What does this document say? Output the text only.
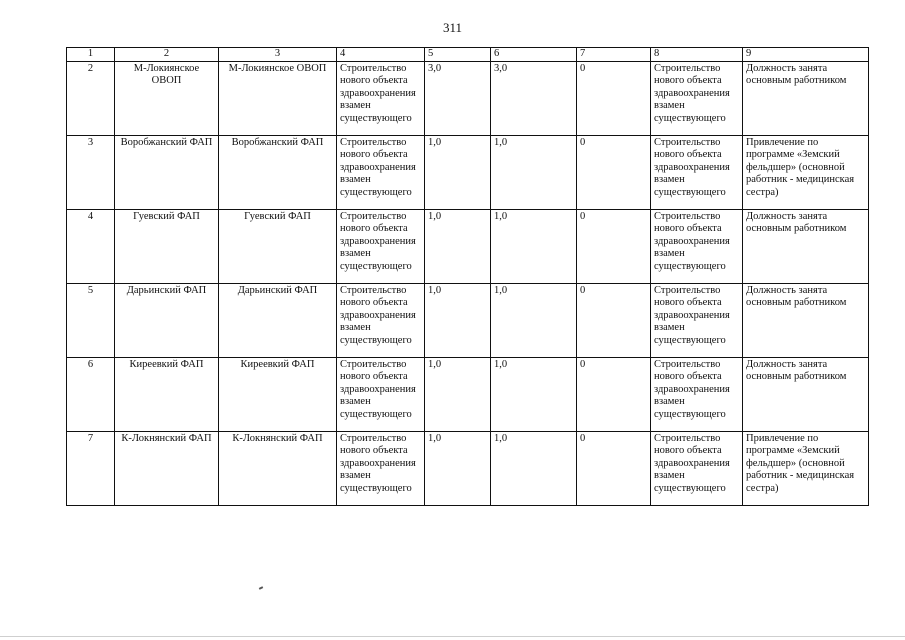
311
1	2	3	4	5	6	7	8	9
2	М-Локиянское ОВОП	М-Локиянское ОВОП	Строительство нового объекта здравоохранения взамен существующего	3,0	3,0	0	Строительство нового объекта здравоохранения взамен существующего	Должность занята основным работником
3	Воробжанский ФАП	Воробжанский ФАП	Строительство нового объекта здравоохранения взамен существующего	1,0	1,0	0	Строительство нового объекта здравоохранения взамен существующего	Привлечение по программе «Земский фельдшер» (основной работник - медицинская сестра)
4	Гуевский ФАП	Гуевский ФАП	Строительство нового объекта здравоохранения взамен существующего	1,0	1,0	0	Строительство нового объекта здравоохранения взамен существующего	Должность занята основным работником
5	Дарьинский ФАП	Дарьинский ФАП	Строительство нового объекта здравоохранения взамен существующего	1,0	1,0	0	Строительство нового объекта здравоохранения взамен существующего	Должность занята основным работником
6	Киреевкий ФАП	Киреевкий ФАП	Строительство нового объекта здравоохранения взамен существующего	1,0	1,0	0	Строительство нового объекта здравоохранения взамен существующего	Должность занята основным работником
7	К-Локнянский ФАП	К-Локнянский ФАП	Строительство нового объекта здравоохранения взамен существующего	1,0	1,0	0	Строительство нового объекта здравоохранения взамен существующего	Привлечение по программе «Земский фельдшер» (основной работник - медицинская сестра)
